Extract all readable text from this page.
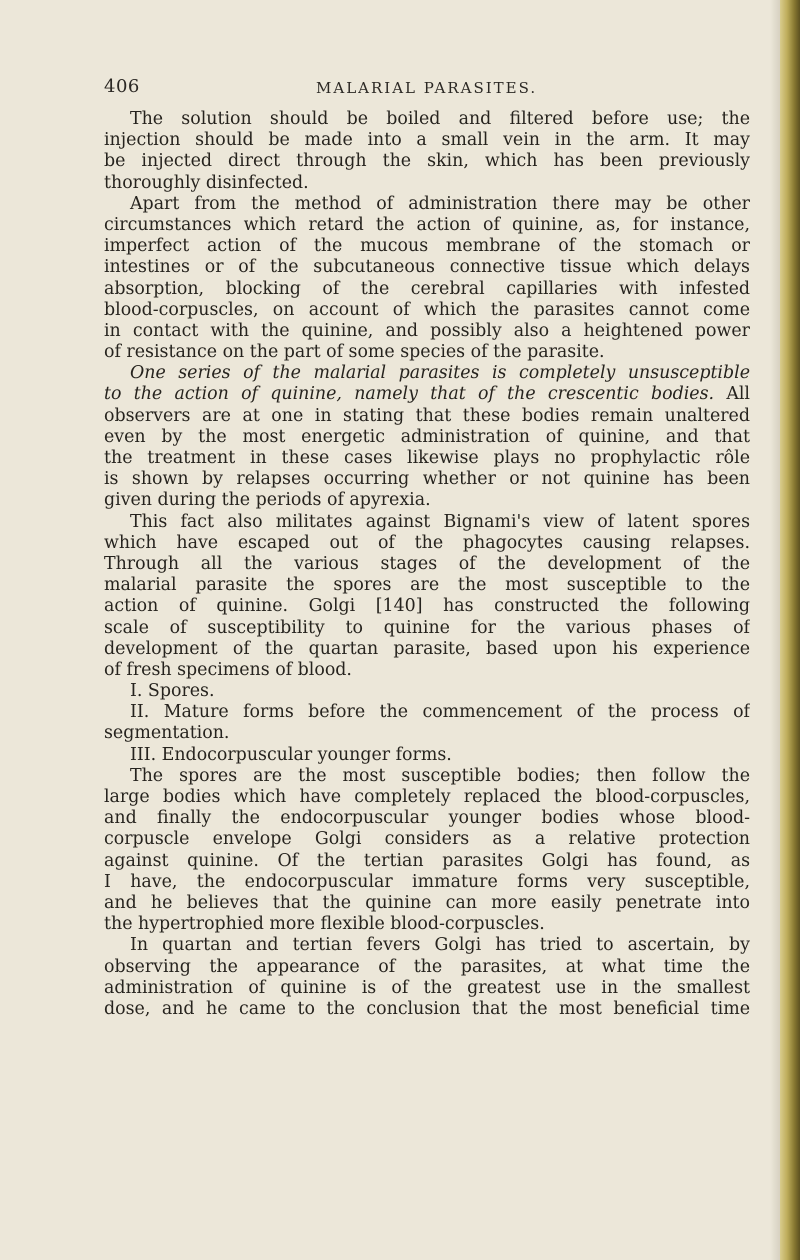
406	MALARIAL PARASITES.
The solution should be boiled and filtered before use; the
injection should be made into a small vein in the arm. It may
be injected direct through the skin, which has been previously
thoroughly disinfected.
Apart from the method of administration there may be other
circumstances which retard the action of quinine, as, for instance,
imperfect action of the mucous membrane of the stomach or
intestines or of the subcutaneous connective tissue which delays
absorption, blocking of the cerebral capillaries with infested
blood-corpuscles, on account of which the parasites cannot come
in contact with the quinine, and possibly also a heightened power
of resistance on the part of some species of the parasite.
One series of the malarial parasites is completely unsusceptible
to the action of quinine, namely that of the crescentic bodies. All
observers are at one in stating that these bodies remain unaltered
even by the most energetic administration of quinine, and that
the treatment in these cases likewise plays no prophylactic rôle
is shown by relapses occurring whether or not quinine has been
given during the periods of apyrexia.
This fact also militates against Bignami's view of latent spores
which have escaped out of the phagocytes causing relapses.
Through all the various stages of the development of the
malarial parasite the spores are the most susceptible to the
action of quinine. Golgi [140] has constructed the following
scale of susceptibility to quinine for the various phases of
development of the quartan parasite, based upon his experience
of fresh specimens of blood.
I. Spores.
II. Mature forms before the commencement of the process of
segmentation.
III. Endocorpuscular younger forms.
The spores are the most susceptible bodies; then follow the
large bodies which have completely replaced the blood-corpuscles,
and finally the endocorpuscular younger bodies whose blood-
corpuscle envelope Golgi considers as a relative protection
against quinine. Of the tertian parasites Golgi has found, as
I have, the endocorpuscular immature forms very susceptible,
and he believes that the quinine can more easily penetrate into
the hypertrophied more flexible blood-corpuscles.
In quartan and tertian fevers Golgi has tried to ascertain, by
observing the appearance of the parasites, at what time the
administration of quinine is of the greatest use in the smallest
dose, and he came to the conclusion that the most beneficial time
